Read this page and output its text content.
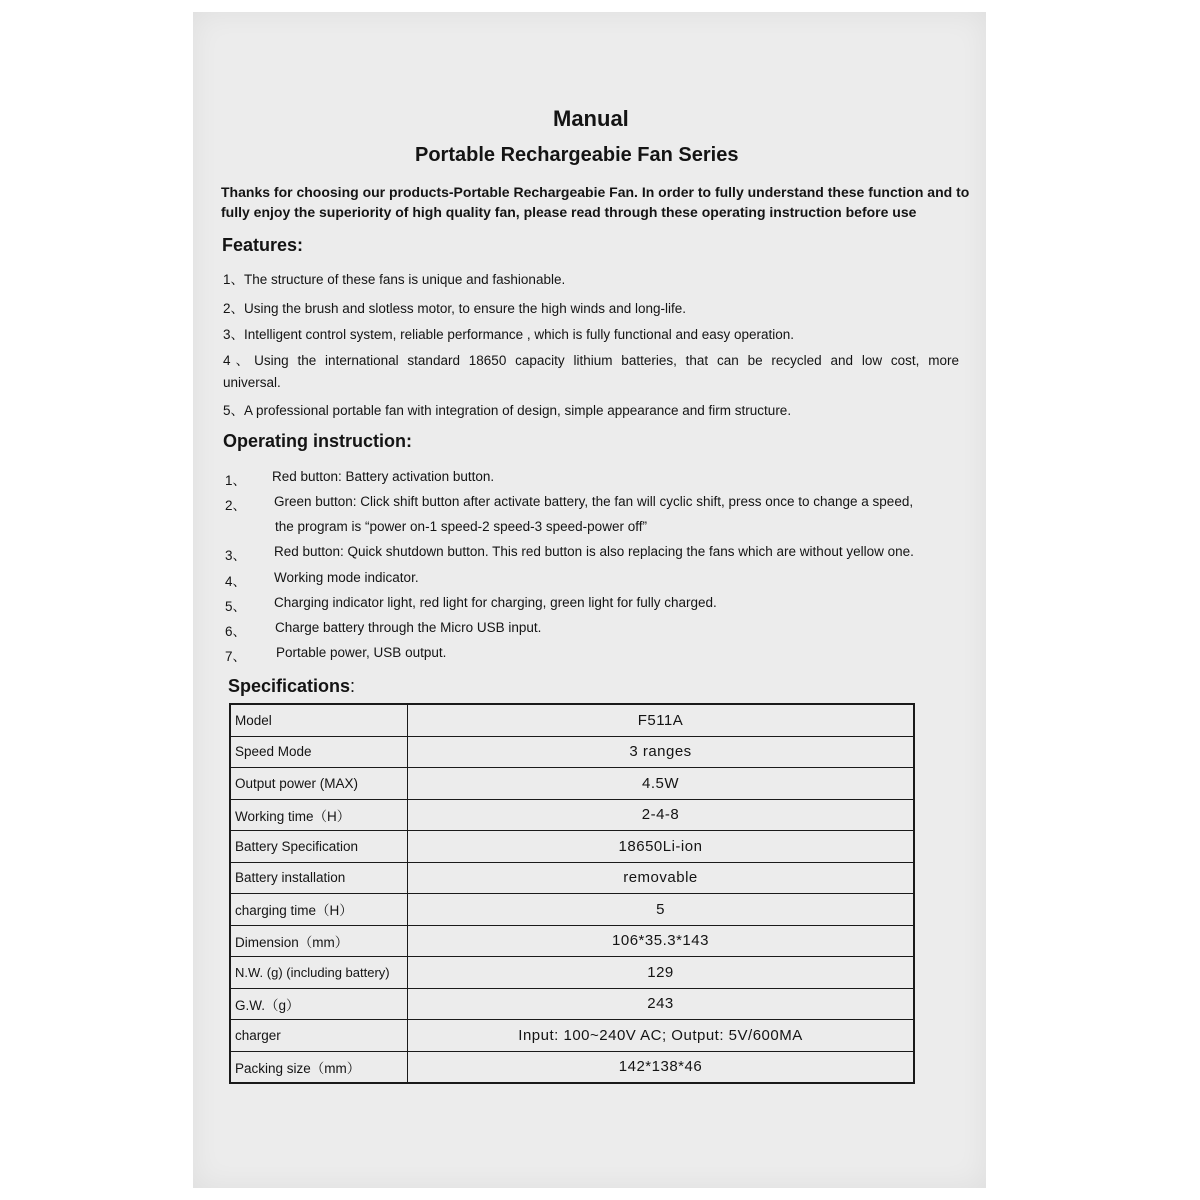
Manual
Portable Rechargeabie Fan Series
Thanks for choosing our products-Portable Rechargeabie Fan. In order to fully understand these function and to
fully enjoy the superiority of high quality fan, please read through these operating instruction before use
Features:
1、The structure of these fans is unique and fashionable.
2、Using the brush and slotless motor, to ensure the high winds and long-life.
3、Intelligent control system, reliable performance , which is fully functional and easy operation.
4、Using the international standard 18650 capacity lithium batteries, that can be recycled and low cost, more
universal.
5、A professional portable fan with integration of design, simple appearance and firm structure.
Operating instruction:
1、 Red button: Battery activation button.
2、 Green button: Click shift button after activate battery, the fan will cyclic shift, press once to change a speed,
the program is “power on-1 speed-2 speed-3 speed-power off”
3、 Red button: Quick shutdown button. This red button is also replacing the fans which are without yellow one.
4、 Working mode indicator.
5、 Charging indicator light, red light for charging, green light for fully charged.
6、 Charge battery through the Micro USB input.
7、 Portable power, USB output.
Specifications:
Model	F511A
Speed Mode	3 ranges
Output power (MAX)	4.5W
Working time（H）	2-4-8
Battery Specification	18650Li-ion
Battery installation	removable
charging time（H）	5
Dimension（mm）	106*35.3*143
N.W. (g) (including battery)	129
G.W.（g）	243
charger	Input: 100~240V AC; Output: 5V/600MA
Packing size（mm）	142*138*46
